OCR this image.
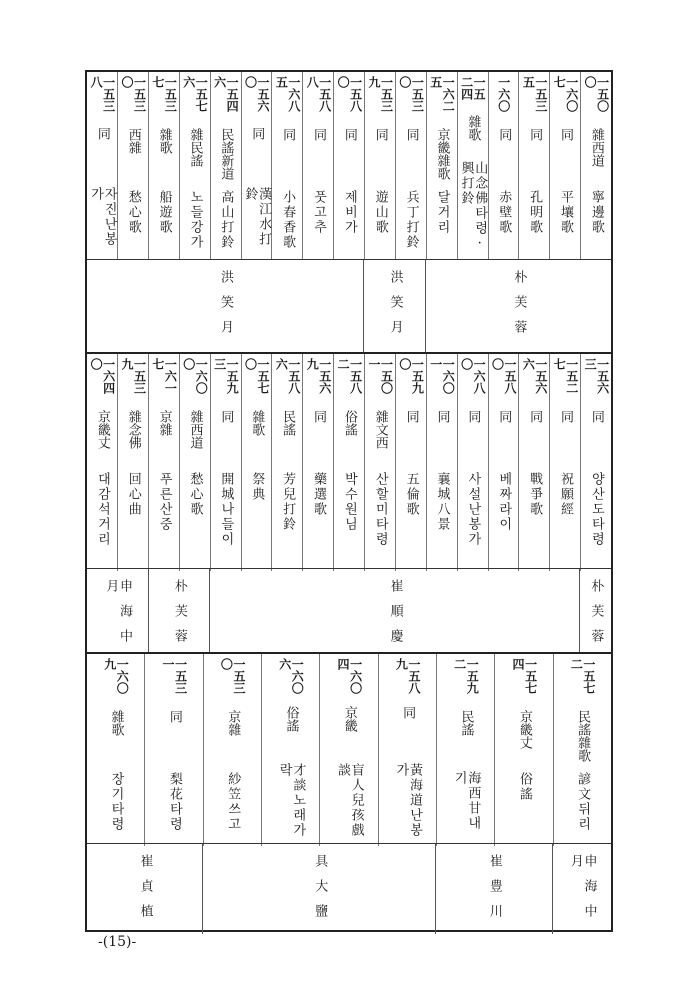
一五〇〇
雜西道
寧邊歌
一六〇七
同
平壤歌
一五三五
同
孔明歌
一六〇
同
赤壁歌
一五二四
雜歌
山念佛타령·興打鈴
一六二五
京畿雜歌
달거리
一五三〇
同
兵丁打鈴
一五三九
同
遊山歌
一五八〇
同
제비가
一五八八
同
풋고추
一六八五
同
小春香歌
一五六〇
同
漢江水打鈴
一五四六
民謠新道
高山打鈴
一五七六
雜民謠
노들강가
一五三七
雜歌
船遊歌
一五三〇
西雜
愁心歌
一五三八
同
자진난봉가
朴芙蓉
洪笑月
洪笑月
一五六三
同
양산도타령
一五二七
同
祝願經
一五六六
同
戰爭歌
一五八〇
同
베짜라이
一六八〇
同
사설난봉가
一六〇一
同
襄城八景
一五九〇
同
五倫歌
一五〇一
雜文西
산할미타령
一五八二
俗謠
박수원님
一五六九
同
藥選歌
一五八六
民謠
芳兒打鈴
一五七〇
雜歌
祭典
一五九三
同
開城나들이
一六〇〇
雜西道
愁心歌
一六一七
京雜
푸른산중
一五三九
雜念佛
回心曲
一六四〇
京畿丈
대감석거리
朴芙蓉
崔順慶
朴芙蓉
申海中月
一五七二
民謠雜歌
諺文뒤리
一五七四
京畿丈
俗謠
一五九二
民謠
海西甘내기
一五八九
同
黃海道난봉가
一六〇四
京畿
盲人兒孩戲談
一六〇六
俗謠
才談노래가락
一五三〇
京雜
紗笠쓰고
一五三一
同
梨花타령
一六〇九
雜歌
장기타령
申海中月
崔豊川
具大鹽
崔貞植
-(15)-
